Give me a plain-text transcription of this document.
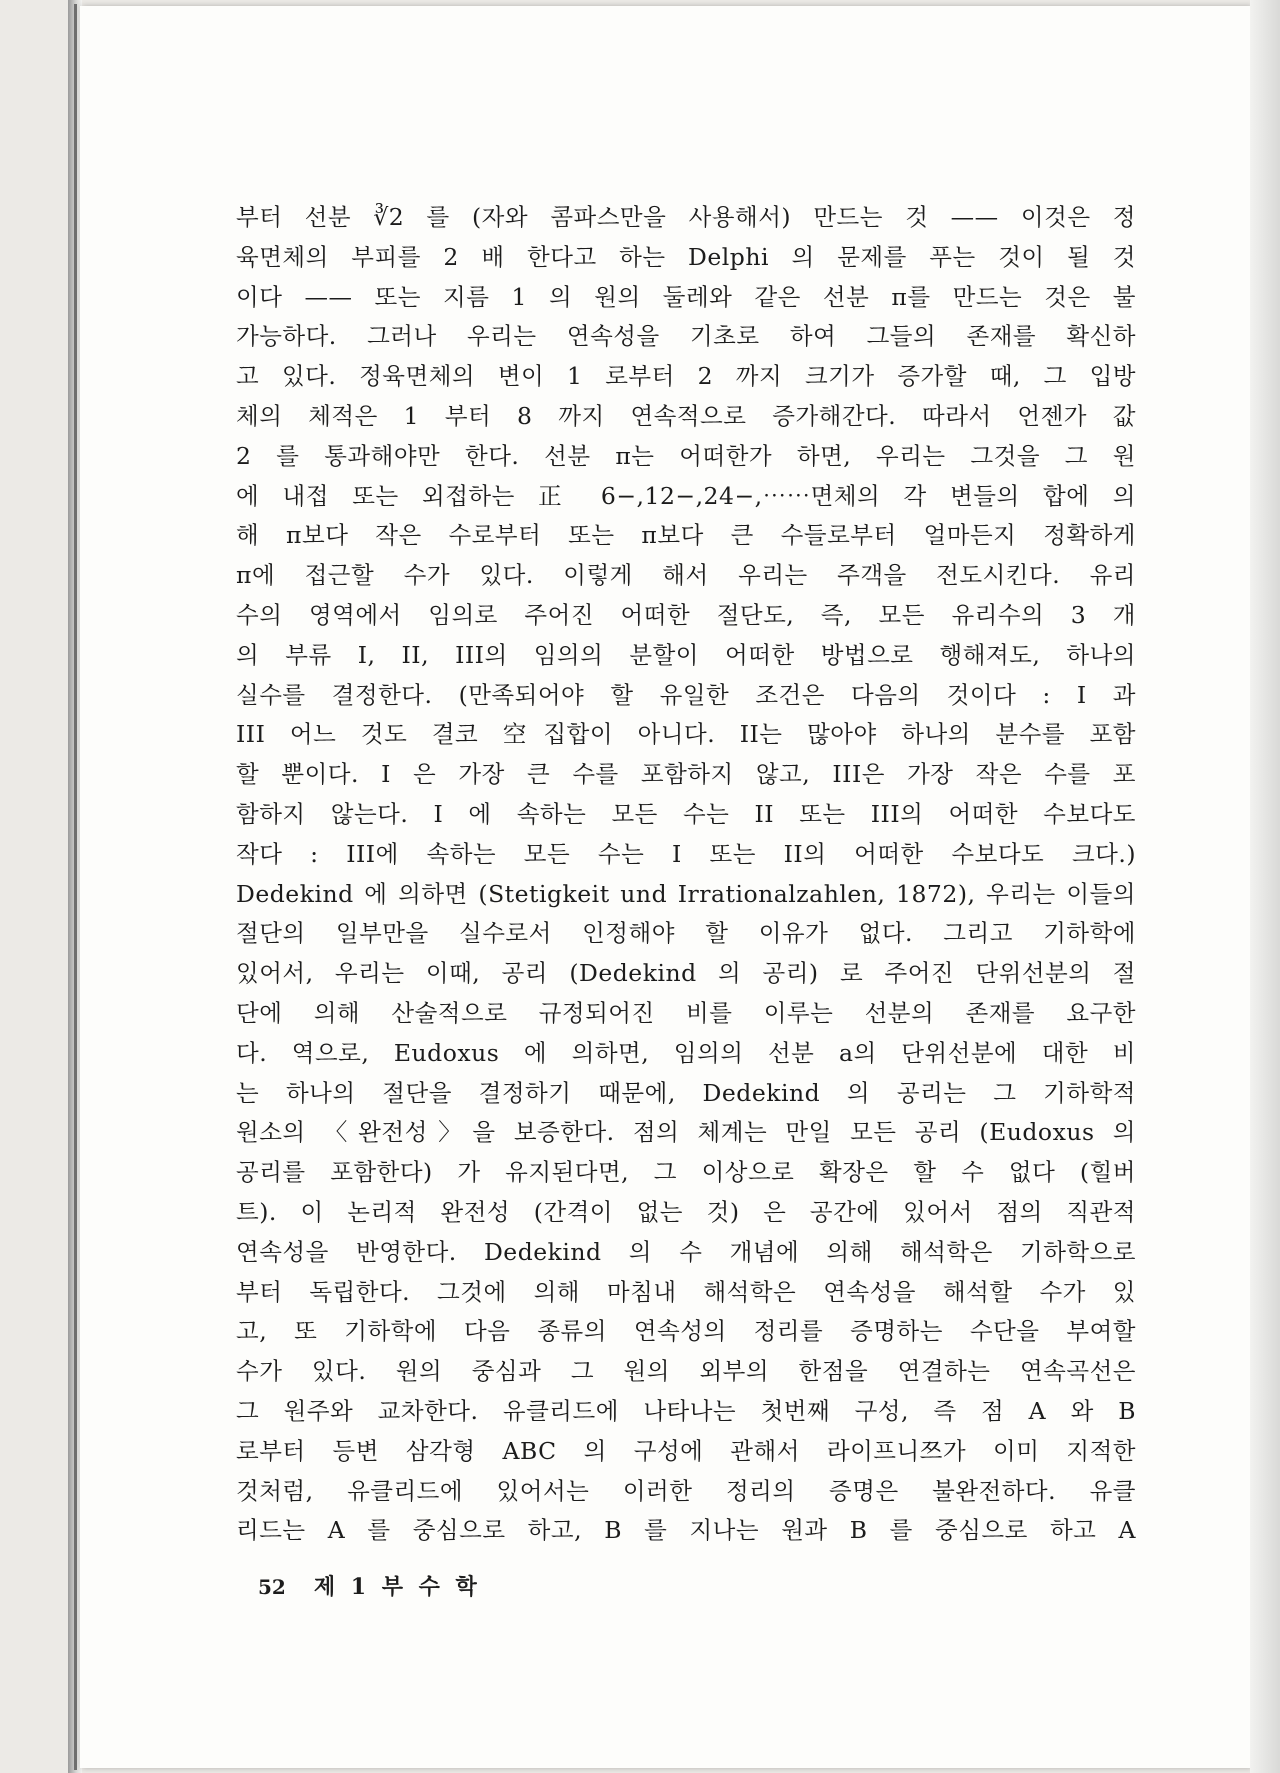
부터 선분 ∛2 를 (자와 콤파스만을 사용해서) 만드는 것 —— 이것은 정
육면체의 부피를 2 배 한다고 하는 Delphi 의 문제를 푸는 것이 될 것
이다 —— 또는 지름 1 의 원의 둘레와 같은 선분 π를 만드는 것은 불
가능하다. 그러나 우리는 연속성을 기초로 하여 그들의 존재를 확신하
고 있다. 정육면체의 변이 1 로부터 2 까지 크기가 증가할 때, 그 입방
체의 체적은 1 부터 8 까지 연속적으로 증가해간다. 따라서 언젠가 값
2 를 통과해야만 한다. 선분 π는 어떠한가 하면, 우리는 그것을 그 원
에 내접 또는 외접하는 正 6−,12−,24−,⋯⋯면체의 각 변들의 합에 의
해 π보다 작은 수로부터 또는 π보다 큰 수들로부터 얼마든지 정확하게
π에 접근할 수가 있다. 이렇게 해서 우리는 주객을 전도시킨다. 유리
수의 영역에서 임의로 주어진 어떠한 절단도, 즉, 모든 유리수의 3 개
의 부류 I, II, III의 임의의 분할이 어떠한 방법으로 행해져도, 하나의
실수를 결정한다. (만족되어야 할 유일한 조건은 다음의 것이다 : I 과
III 어느 것도 결코 空집합이 아니다. II는 많아야 하나의 분수를 포함
할 뿐이다. I 은 가장 큰 수를 포함하지 않고, III은 가장 작은 수를 포
함하지 않는다. I 에 속하는 모든 수는 II 또는 III의 어떠한 수보다도
작다 : III에 속하는 모든 수는 I 또는 II의 어떠한 수보다도 크다.)
Dedekind 에 의하면 (Stetigkeit und Irrationalzahlen, 1872), 우리는 이들의
절단의 일부만을 실수로서 인정해야 할 이유가 없다. 그리고 기하학에
있어서, 우리는 이때, 공리 (Dedekind 의 공리) 로 주어진 단위선분의 절
단에 의해 산술적으로 규정되어진 비를 이루는 선분의 존재를 요구한
다. 역으로, Eudoxus 에 의하면, 임의의 선분 a의 단위선분에 대한 비
는 하나의 절단을 결정하기 때문에, Dedekind 의 공리는 그 기하학적
원소의 〈완전성〉을 보증한다. 점의 체계는 만일 모든 공리 (Eudoxus 의
공리를 포함한다) 가 유지된다면, 그 이상으로 확장은 할 수 없다 (힐버
트). 이 논리적 완전성 (간격이 없는 것) 은 공간에 있어서 점의 직관적
연속성을 반영한다. Dedekind 의 수 개념에 의해 해석학은 기하학으로
부터 독립한다. 그것에 의해 마침내 해석학은 연속성을 해석할 수가 있
고, 또 기하학에 다음 종류의 연속성의 정리를 증명하는 수단을 부여할
수가 있다. 원의 중심과 그 원의 외부의 한점을 연결하는 연속곡선은
그 원주와 교차한다. 유클리드에 나타나는 첫번째 구성, 즉 점 A 와 B
로부터 등변 삼각형 ABC 의 구성에 관해서 라이프니쯔가 이미 지적한
것처럼, 유클리드에 있어서는 이러한 정리의 증명은 불완전하다. 유클
리드는 A 를 중심으로 하고, B 를 지나는 원과 B 를 중심으로 하고 A
52 제 1 부 수 학
